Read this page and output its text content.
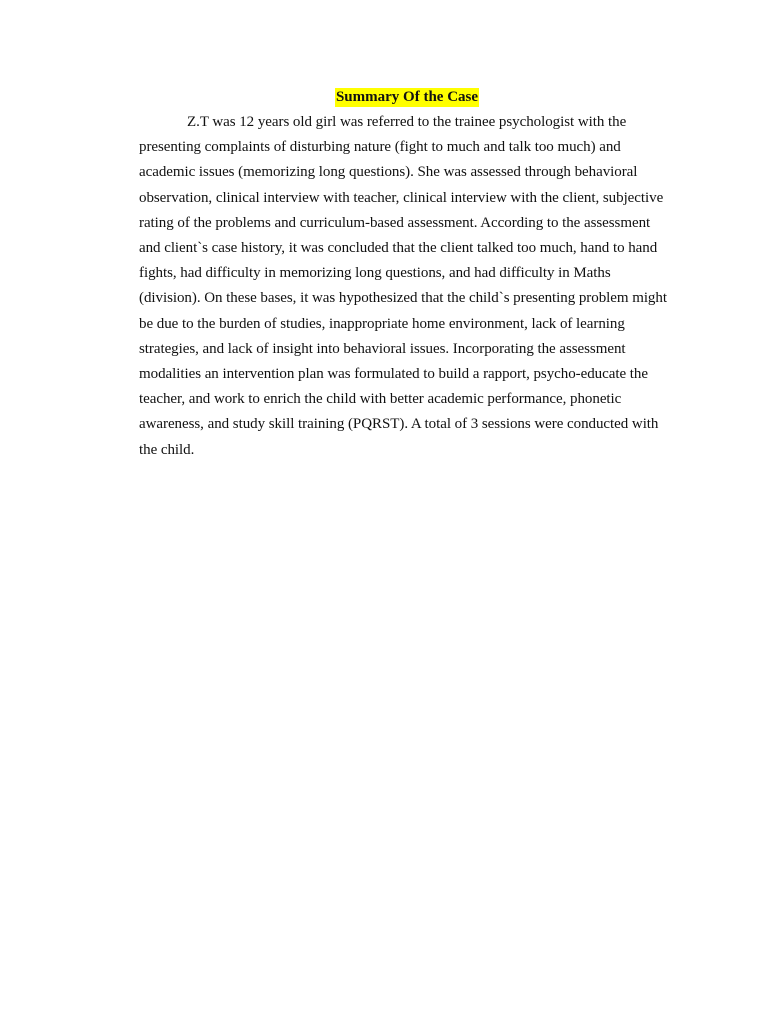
Summary Of the Case

Z.T was 12 years old girl was referred to the trainee psychologist with the presenting complaints of disturbing nature (fight to much and talk too much) and academic issues (memorizing long questions). She was assessed through behavioral observation, clinical interview with teacher, clinical interview with the client, subjective rating of the problems and curriculum-based assessment. According to the assessment and client`s case history, it was concluded that the client talked too much, hand to hand fights, had difficulty in memorizing long questions, and had difficulty in Maths (division). On these bases, it was hypothesized that the child`s presenting problem might be due to the burden of studies, inappropriate home environment, lack of learning strategies, and lack of insight into behavioral issues. Incorporating the assessment modalities an intervention plan was formulated to build a rapport, psycho-educate the teacher, and work to enrich the child with better academic performance, phonetic awareness, and study skill training (PQRST). A total of 3 sessions were conducted with the child.
